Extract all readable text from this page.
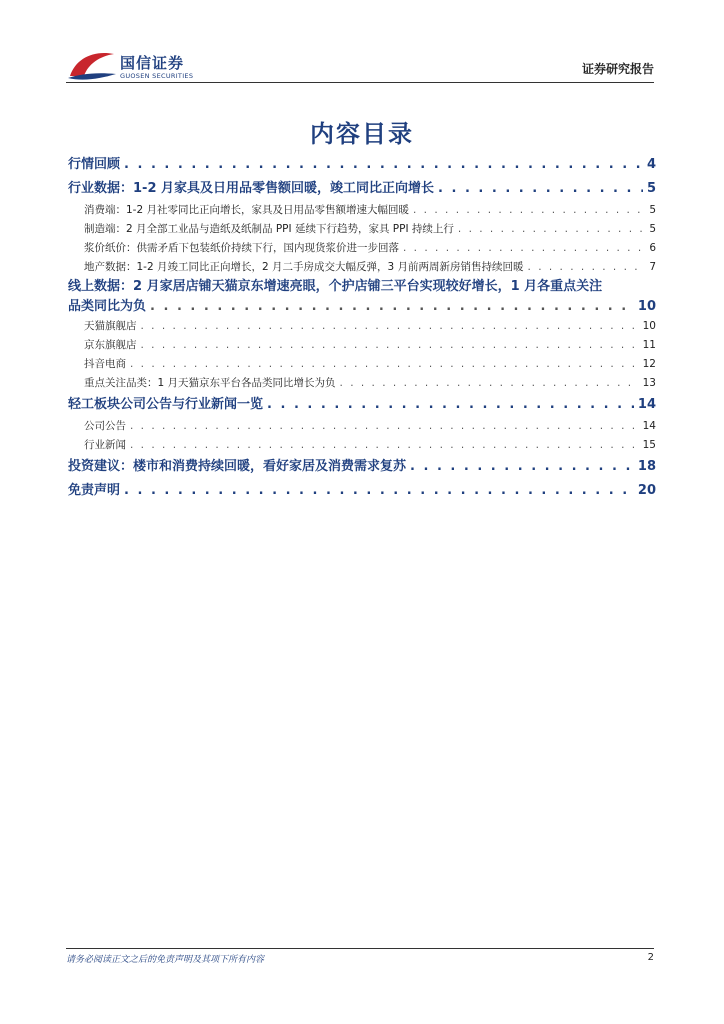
国信证券
GUOSEN SECURITIES	证券研究报告
内容目录
行情回顾 . . .	4
行业数据：1-2 月家具及日用品零售额回暖，竣工同比正向增长 . . .	5
消费端：1-2 月社零同比正向增长，家具及日用品零售额增速大幅回暖 . . .	5
制造端：2 月全部工业品与造纸及纸制品 PPI 延续下行趋势，家具 PPI 持续上行 . . .	5
浆价纸价：供需矛盾下包装纸价持续下行，国内现货浆价进一步回落 . . .	6
地产数据：1-2 月竣工同比正向增长，2 月二手房成交大幅反弹，3 月前两周新房销售持续回暖 . . .	7
线上数据：2 月家居店铺天猫京东增速亮眼，个护店铺三平台实现较好增长，1 月各重点关注
品类同比为负 . . .	10
天猫旗舰店 . . .	10
京东旗舰店 . . .	11
抖音电商 . . .	12
重点关注品类：1 月天猫京东平台各品类同比增长为负 . . .	13
轻工板块公司公告与行业新闻一览 . . .	14
公司公告 . . .	14
行业新闻 . . .	15
投资建议：楼市和消费持续回暖，看好家居及消费需求复苏 . . .	18
免责声明 . . .	20
请务必阅读正文之后的免责声明及其项下所有内容	2
